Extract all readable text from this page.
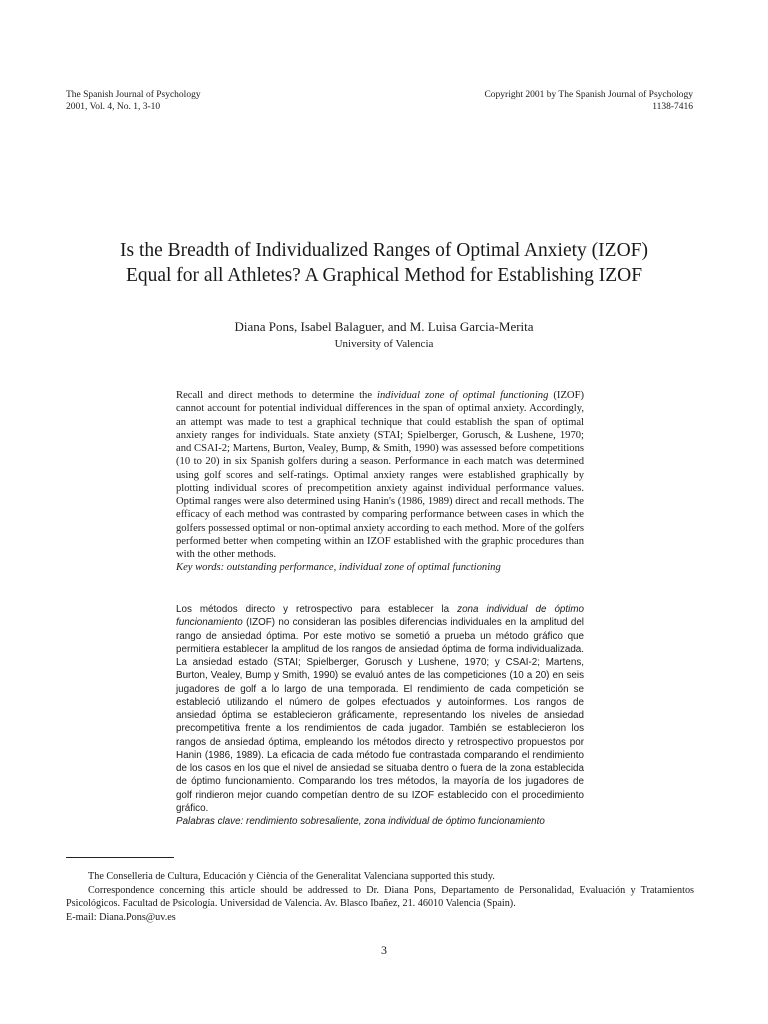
The Spanish Journal of Psychology
2001, Vol. 4, No. 1, 3-10
Copyright 2001 by The Spanish Journal of Psychology
1138-7416
Is the Breadth of Individualized Ranges of Optimal Anxiety (IZOF)
Equal for all Athletes? A Graphical Method for Establishing IZOF
Diana Pons, Isabel Balaguer, and M. Luisa Garcia-Merita
University of Valencia
Recall and direct methods to determine the individual zone of optimal functioning (IZOF) cannot account for potential individual differences in the span of optimal anxiety. Accordingly, an attempt was made to test a graphical technique that could establish the span of optimal anxiety ranges for individuals. State anxiety (STAI; Spielberger, Gorusch, & Lushene, 1970; and CSAI-2; Martens, Burton, Vealey, Bump, & Smith, 1990) was assessed before competitions (10 to 20) in six Spanish golfers during a season. Performance in each match was determined using golf scores and self-ratings. Optimal anxiety ranges were established graphically by plotting individual scores of precompetition anxiety against individual performance values. Optimal ranges were also determined using Hanin's (1986, 1989) direct and recall methods. The efficacy of each method was contrasted by comparing performance between cases in which the golfers possessed optimal or non-optimal anxiety according to each method. More of the golfers performed better when competing within an IZOF established with the graphic procedures than with the other methods.
Key words: outstanding performance, individual zone of optimal functioning
Los métodos directo y retrospectivo para establecer la zona individual de óptimo funcionamiento (IZOF) no consideran las posibles diferencias individuales en la amplitud del rango de ansiedad óptima. Por este motivo se sometió a prueba un método gráfico que permitiera establecer la amplitud de los rangos de ansiedad óptima de forma individualizada. La ansiedad estado (STAI; Spielberger, Gorusch y Lushene, 1970; y CSAI-2; Martens, Burton, Vealey, Bump y Smith, 1990) se evaluó antes de las competiciones (10 a 20) en seis jugadores de golf a lo largo de una temporada. El rendimiento de cada competición se estableció utilizando el número de golpes efectuados y autoinformes. Los rangos de ansiedad óptima se establecieron gráficamente, representando los niveles de ansiedad precompetitiva frente a los rendimientos de cada jugador. También se establecieron los rangos de ansiedad óptima, empleando los métodos directo y retrospectivo propuestos por Hanin (1986, 1989). La eficacia de cada método fue contrastada comparando el rendimiento de los casos en los que el nivel de ansiedad se situaba dentro o fuera de la zona establecida de óptimo funcionamiento. Comparando los tres métodos, la mayoría de los jugadores de golf rindieron mejor cuando competían dentro de su IZOF establecido con el procedimiento gráfico.
Palabras clave: rendimiento sobresaliente, zona individual de óptimo funcionamiento

The Conselleria de Cultura, Educación y Ciència of the Generalitat Valenciana supported this study.

Correspondence concerning this article should be addressed to Dr. Diana Pons, Departamento de Personalidad, Evaluación y Tratamientos Psicológicos. Facultad de Psicología. Universidad de Valencia. Av. Blasco Ibañez, 21. 46010 Valencia (Spain).

E-mail: Diana.Pons@uv.es

3
